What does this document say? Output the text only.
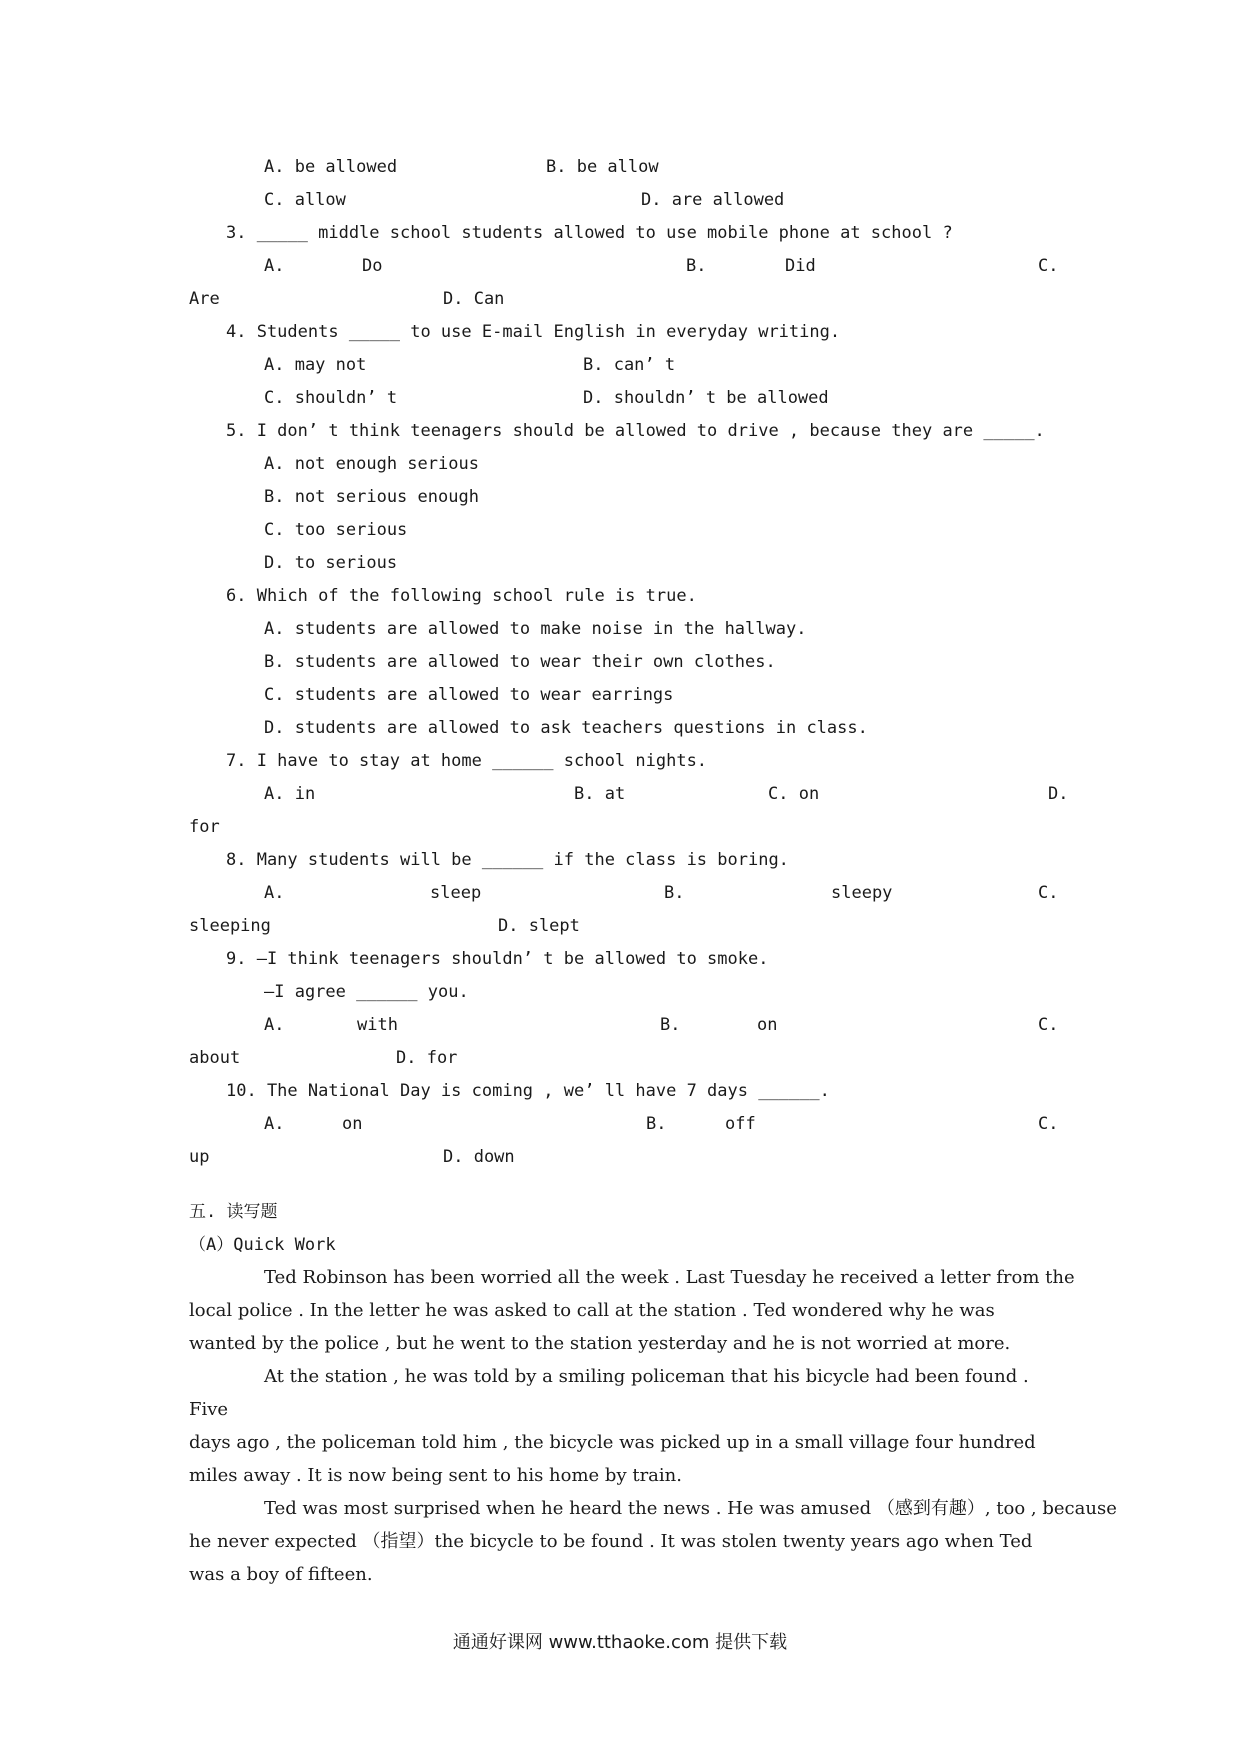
A. be allowed	B. be allow
C. allow	D. are allowed
3. _____ middle school students allowed to use mobile phone at school ?
A.	Do	B.	Did	C.
Are	D. Can
4. Students _____ to use E-mail English in everyday writing.
A. may not	B. can’ t
C. shouldn’ t	D. shouldn’ t be allowed
5. I don’ t think teenagers should be allowed to drive , because they are _____.
A. not enough serious
B. not serious enough
C. too serious
D. to serious
6. Which of the following school rule is true.
A. students are allowed to make noise in the hallway.
B. students are allowed to wear their own clothes.
C. students are allowed to wear earrings
D. students are allowed to ask teachers questions in class.
7. I have to stay at home ______ school nights.
A. in	B. at	C. on	D.
for
8. Many students will be ______ if the class is boring.
A.	sleep	B.	sleepy	C.
sleeping	D. slept
9. —I think teenagers shouldn’ t be allowed to smoke.
—I agree ______ you.
A.	with	B.	on	C.
about	D. for
10. The National Day is coming , we’ ll have 7 days ______.
A.	on	B.	off	C.
up	D. down
五. 读写题
（A）Quick Work
Ted Robinson has been worried all the week . Last Tuesday he received a letter from the
local police . In the letter he was asked to call at the station . Ted wondered why he was
wanted by the police , but he went to the station yesterday and he is not worried at more.
At the station , he was told by a smiling policeman that his bicycle had been found .
Five
days ago , the policeman told him , the bicycle was picked up in a small village four hundred
miles away . It is now being sent to his home by train.
Ted was most surprised when he heard the news . He was amused （感到有趣）, too , because
he never expected （指望）the bicycle to be found . It was stolen twenty years ago when Ted
was a boy of fifteen.
通通好课网 www.tthaoke.com 提供下载
